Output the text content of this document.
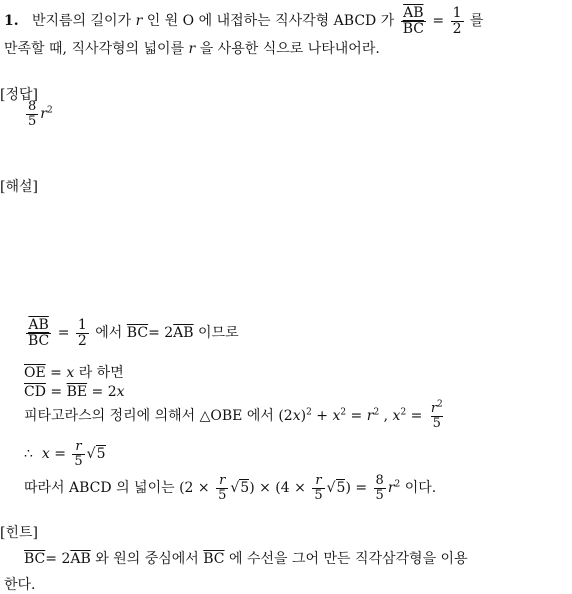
1. 반지름의 길이가 r 인 원 O 에 내접하는 직사각형 ABCD 가 $\frac{\overline{AB}}{BC} = \frac{1}{2}$ 를
만족할 때, 직사각형의 넓이를 r 을 사용한 식으로 나타내어라.
[정답]
$\frac{8}{5} r^2$
[해설]
$\frac{\overline{AB}}{BC} = \frac{1}{2}$ 에서 $\overline{BC}= 2\overline{AB}$ 이므로
$\overline{OE} = x$ 라 하면
$\overline{CD} = \overline{BE} = 2x$
피타고라스의 정리에 의해서 △OBE 에서 $(2x)^2 + x^2 = r^2$ , $x^2 = \frac{r^2}{5}$
∴ $x = \frac{r}{5}$ √ 5
따라서 ABCD 의 넓이는 ($2 \times \frac{r}{5}$ √ 5 ) × ($4 \times \frac{r}{5}$ √ 5 ) = $\frac{8}{5} r^2$ 이다.
[힌트]
$\overline{BC}= 2\overline{AB}$ 와 원의 중심에서 $\overline{BC}$ 에 수선을 그어 만든 직각삼각형을 이용
한다.
